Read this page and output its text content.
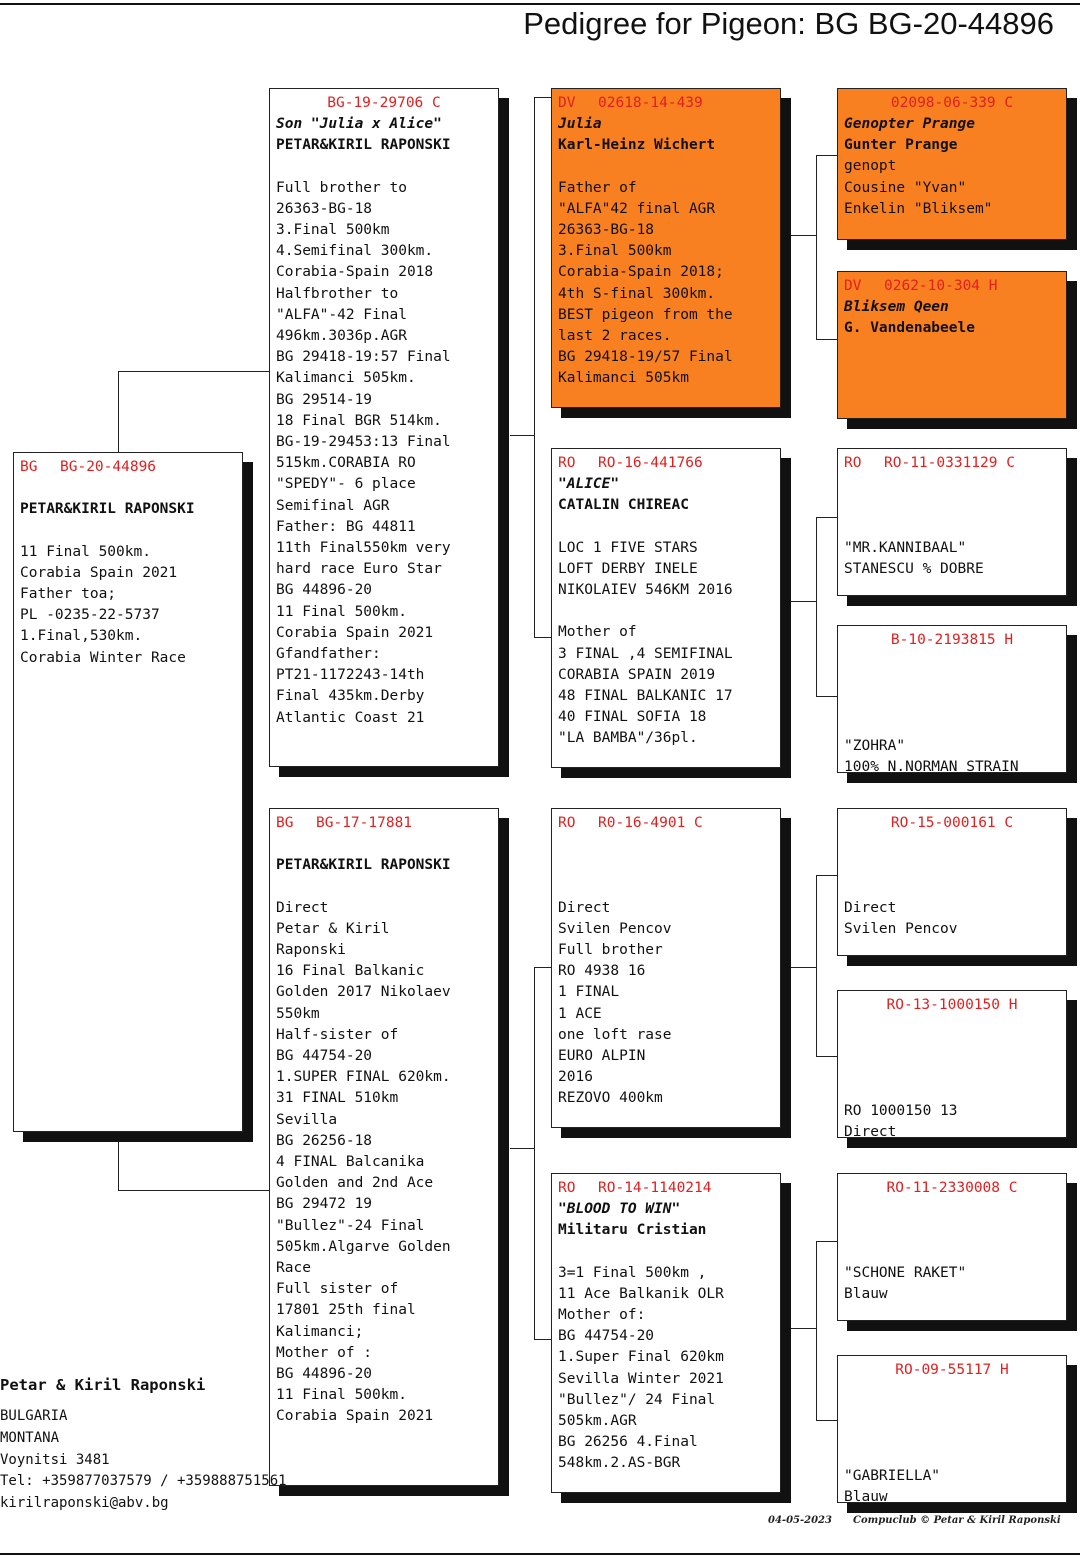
Pedigree for Pigeon: BG BG-20-44896
BG BG-20-44896
PETAR&KIRIL RAPONSKI
11 Final 500km.
Corabia Spain 2021
Father toa;
PL -0235-22-5737
1.Final,530km.
Corabia Winter Race
BG-19-29706 C
Son "Julia x Alice"
PETAR&KIRIL RAPONSKI
Full brother to
26363-BG-18
3.Final 500km
4.Semifinal 300km.
Corabia-Spain 2018
Halfbrother to
"ALFA"-42 Final
496km.3036p.AGR
BG 29418-19:57 Final
Kalimanci 505km.
BG 29514-19
18 Final BGR 514km.
BG-19-29453:13 Final
515km.CORABIA RO
"SPEDY"- 6 place
Semifinal AGR
Father: BG 44811
11th Final550km very
hard race Euro Star
BG 44896-20
11 Final 500km.
Corabia Spain 2021
Gfandfather:
PT21-1172243-14th
Final 435km.Derby
Atlantic Coast 21
BG BG-17-17881
PETAR&KIRIL RAPONSKI
Direct
Petar & Kiril
Raponski
16 Final Balkanic
Golden 2017 Nikolaev
550km
Half-sister of
BG 44754-20
1.SUPER FINAL 620km.
31 FINAL 510km
Sevilla
BG 26256-18
4 FINAL Balcanika
Golden and 2nd Ace
BG 29472 19
"Bullez"-24 Final
505km.Algarve Golden
Race
Full sister of
17801 25th final
Kalimanci;
Mother of :
BG 44896-20
11 Final 500km.
Corabia Spain 2021
DV 02618-14-439
Julia
Karl-Heinz Wichert
Father of
"ALFA"42 final AGR
26363-BG-18
3.Final 500km
Corabia-Spain 2018;
4th S-final 300km.
BEST pigeon from the
last 2 races.
BG 29418-19/57 Final
Kalimanci 505km
RO RO-16-441766
"ALICE"
CATALIN CHIREAC
LOC 1 FIVE STARS
LOFT DERBY INELE
NIKOLAIEV 546KM 2016
Mother of
3 FINAL ,4 SEMIFINAL
CORABIA SPAIN 2019
48 FINAL BALKANIC 17
40 FINAL SOFIA 18
"LA BAMBA"/36pl.
RO R0-16-4901 C
Direct
Svilen Pencov
Full brother
RO 4938 16
1 FINAL
1 ACE
one loft rase
EURO ALPIN
2016
REZOVO 400km
RO RO-14-1140214
"BLOOD TO WIN"
Militaru Cristian
3=1 Final 500km ,
11 Ace Balkanik OLR
Mother of:
BG 44754-20
1.Super Final 620km
Sevilla Winter 2021
"Bullez"/ 24 Final
505km.AGR
BG 26256 4.Final
548km.2.AS-BGR
02098-06-339 C
Genopter Prange
Gunter Prange
genopt
Cousine "Yvan"
Enkelin "Bliksem"
DV 0262-10-304 H
Bliksem Qeen
G. Vandenabeele
RO RO-11-0331129 C
"MR.KANNIBAAL"
STANESCU % DOBRE
B-10-2193815 H
"ZOHRA"
100% N.NORMAN STRAIN
RO-15-000161 C
Direct
Svilen Pencov
RO-13-1000150 H
RO 1000150 13
Direct
RO-11-2330008 C
"SCHONE RAKET"
Blauw
RO-09-55117 H
"GABRIELLA"
Blauw
Petar & Kiril Raponski
BULGARIA
MONTANA
Voynitsi 3481
Tel: +359877037579 / +359888751561
kirilraponski@abv.bg
04-05-2023 Compuclub © Petar & Kiril Raponski
